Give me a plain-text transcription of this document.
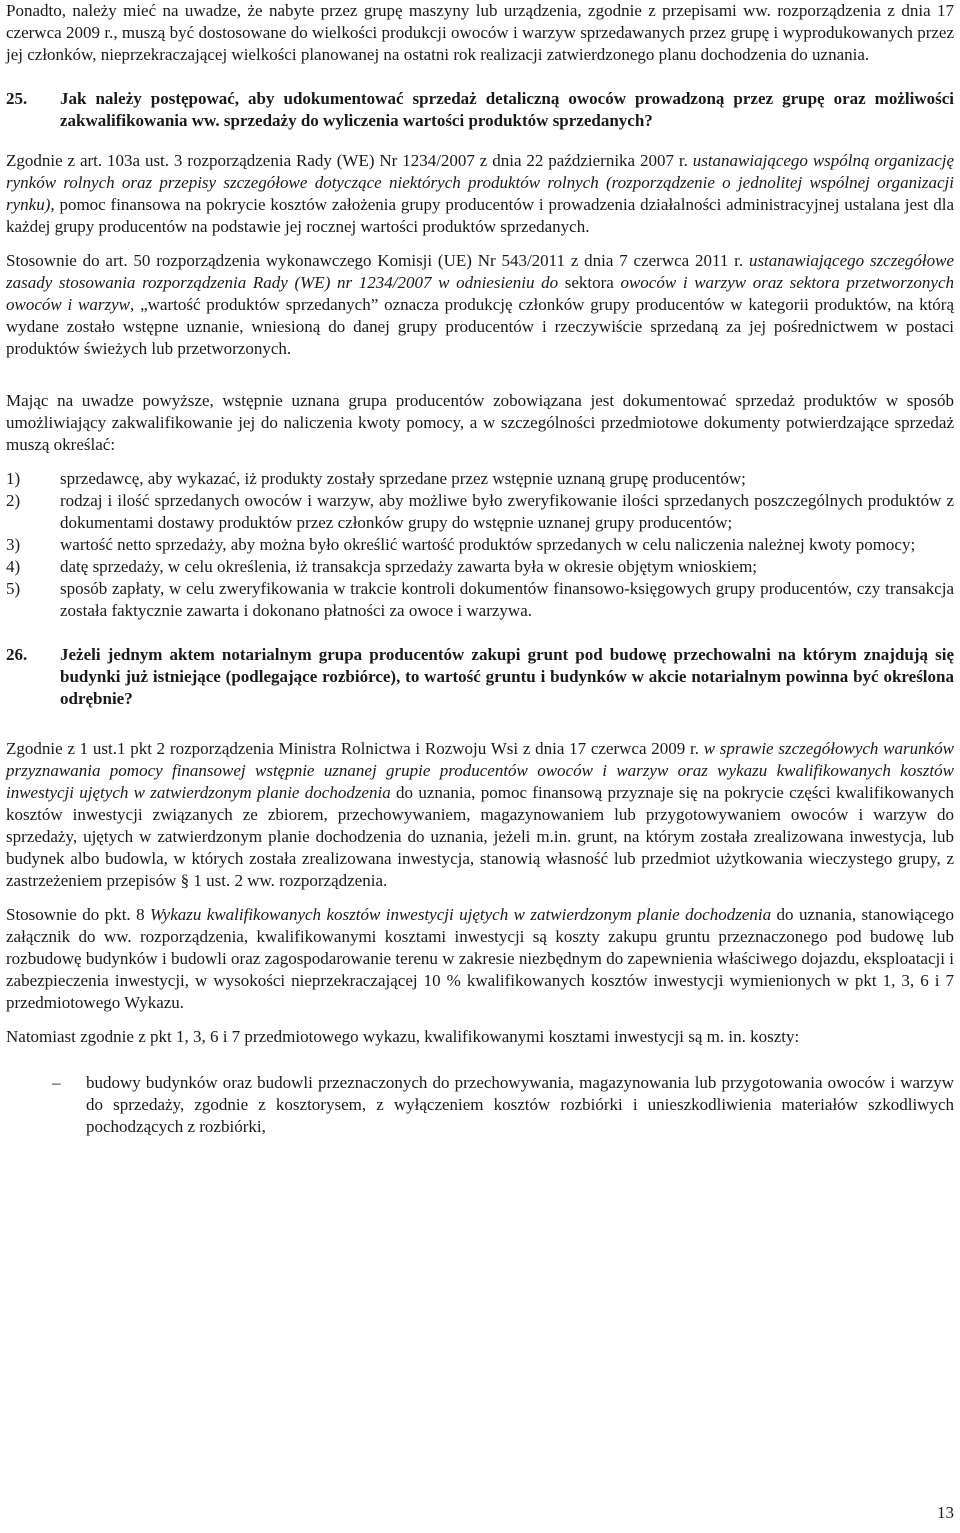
Ponadto, należy mieć na uwadze, że nabyte przez grupę maszyny lub urządzenia, zgodnie z przepisami ww. rozporządzenia z dnia 17 czerwca 2009 r., muszą być dostosowane do wielkości produkcji owoców i warzyw sprzedawanych przez grupę i wyprodukowanych przez jej członków, nieprzekraczającej wielkości planowanej na ostatni rok realizacji zatwierdzonego planu dochodzenia do uznania.

25.	Jak należy postępować, aby udokumentować sprzedaż detaliczną owoców prowadzoną przez grupę oraz możliwości zakwalifikowania ww. sprzedaży do wyliczenia wartości produktów sprzedanych?

Zgodnie z art. 103a ust. 3 rozporządzenia Rady (WE) Nr 1234/2007 z dnia 22 października 2007 r. ustanawiającego wspólną organizację rynków rolnych oraz przepisy szczegółowe dotyczące niektórych produktów rolnych (rozporządzenie o jednolitej wspólnej organizacji rynku), pomoc finansowa na pokrycie kosztów założenia grupy producentów i prowadzenia działalności administracyjnej ustalana jest dla każdej grupy producentów na podstawie jej rocznej wartości produktów sprzedanych.

Stosownie do art. 50 rozporządzenia wykonawczego Komisji (UE) Nr 543/2011 z dnia 7 czerwca 2011 r. ustanawiającego szczegółowe zasady stosowania rozporządzenia Rady (WE) nr 1234/2007 w odniesieniu do sektora owoców i warzyw oraz sektora przetworzonych owoców i warzyw, „wartość produktów sprzedanych” oznacza produkcję członków grupy producentów w kategorii produktów, na którą wydane zostało wstępne uznanie, wniesioną do danej grupy producentów i rzeczywiście sprzedaną za jej pośrednictwem w postaci produktów świeżych lub przetworzonych.

Mając na uwadze powyższe, wstępnie uznana grupa producentów zobowiązana jest dokumentować sprzedaż produktów w sposób umożliwiający zakwalifikowanie jej do naliczenia kwoty pomocy, a w szczególności przedmiotowe dokumenty potwierdzające sprzedaż muszą określać:

1)	sprzedawcę, aby wykazać, iż produkty zostały sprzedane przez wstępnie uznaną grupę producentów;
2)	rodzaj i ilość sprzedanych owoców i warzyw, aby możliwe było zweryfikowanie ilości sprzedanych poszczególnych produktów z dokumentami dostawy produktów przez członków grupy do wstępnie uznanej grupy producentów;
3)	wartość netto sprzedaży, aby można było określić wartość produktów sprzedanych w celu naliczenia należnej kwoty pomocy;
4)	datę sprzedaży, w celu określenia, iż transakcja sprzedaży zawarta była w okresie objętym wnioskiem;
5)	sposób zapłaty, w celu zweryfikowania w trakcie kontroli dokumentów finansowo-księgowych grupy producentów, czy transakcja została faktycznie zawarta i dokonano płatności za owoce i warzywa.
26.	Jeżeli jednym aktem notarialnym grupa producentów zakupi grunt pod budowę przechowalni na którym znajdują się budynki już istniejące (podlegające rozbiórce), to wartość gruntu i budynków w akcie notarialnym powinna być określona odrębnie?

Zgodnie z 1 ust.1 pkt 2 rozporządzenia Ministra Rolnictwa i Rozwoju Wsi z dnia 17 czerwca 2009 r. w sprawie szczegółowych warunków przyznawania pomocy finansowej wstępnie uznanej grupie producentów owoców i warzyw oraz wykazu kwalifikowanych kosztów inwestycji ujętych w zatwierdzonym planie dochodzenia do uznania, pomoc finansową przyznaje się na pokrycie części kwalifikowanych kosztów inwestycji związanych ze zbiorem, przechowywaniem, magazynowaniem lub przygotowywaniem owoców i warzyw do sprzedaży, ujętych w zatwierdzonym planie dochodzenia do uznania, jeżeli m.in. grunt, na którym została zrealizowana inwestycja, lub budynek albo budowla, w których została zrealizowana inwestycja, stanowią własność lub przedmiot użytkowania wieczystego grupy, z zastrzeżeniem przepisów § 1 ust. 2 ww. rozporządzenia.

Stosownie do pkt. 8 Wykazu kwalifikowanych kosztów inwestycji ujętych w zatwierdzonym planie dochodzenia do uznania, stanowiącego załącznik do ww. rozporządzenia, kwalifikowanymi kosztami inwestycji są koszty zakupu gruntu przeznaczonego pod budowę lub rozbudowę budynków i budowli oraz zagospodarowanie terenu w zakresie niezbędnym do zapewnienia właściwego dojazdu, eksploatacji i zabezpieczenia inwestycji, w wysokości nieprzekraczającej 10 % kwalifikowanych kosztów inwestycji wymienionych w pkt 1, 3, 6 i 7 przedmiotowego Wykazu.

Natomiast zgodnie z pkt 1, 3, 6 i 7 przedmiotowego wykazu, kwalifikowanymi kosztami inwestycji są m. in. koszty:

–	budowy budynków oraz budowli przeznaczonych do przechowywania, magazynowania lub przygotowania owoców i warzyw do sprzedaży, zgodnie z kosztorysem, z wyłączeniem kosztów rozbiórki i unieszkodliwienia materiałów szkodliwych pochodzących z rozbiórki,
13
